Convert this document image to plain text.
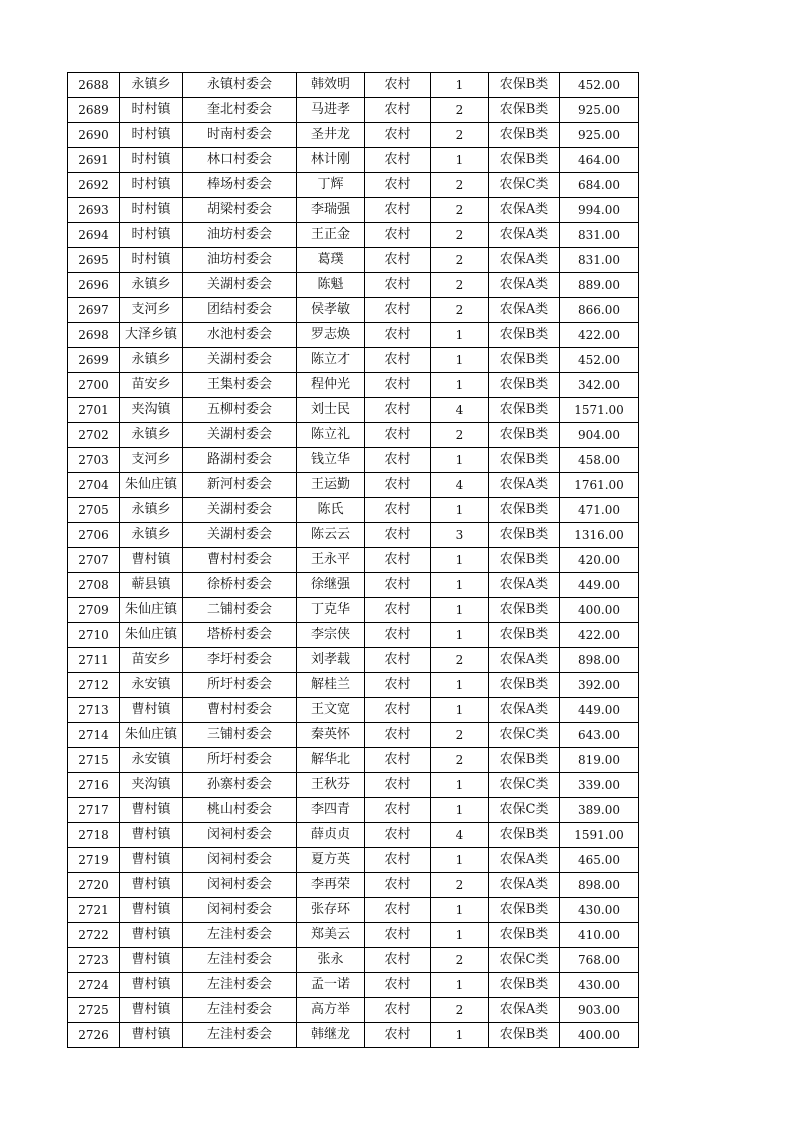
2688	永镇乡	永镇村委会	韩效明	农村	1	农保B类	452.00
2689	时村镇	奎北村委会	马进孝	农村	2	农保B类	925.00
2690	时村镇	时南村委会	圣井龙	农村	2	农保B类	925.00
2691	时村镇	林口村委会	林计刚	农村	1	农保B类	464.00
2692	时村镇	棒场村委会	丁辉	农村	2	农保C类	684.00
2693	时村镇	胡梁村委会	李瑞强	农村	2	农保A类	994.00
2694	时村镇	油坊村委会	王正金	农村	2	农保A类	831.00
2695	时村镇	油坊村委会	葛璞	农村	2	农保A类	831.00
2696	永镇乡	关湖村委会	陈魁	农村	2	农保A类	889.00
2697	支河乡	团结村委会	侯孝敏	农村	2	农保A类	866.00
2698	大泽乡镇	水池村委会	罗志焕	农村	1	农保B类	422.00
2699	永镇乡	关湖村委会	陈立才	农村	1	农保B类	452.00
2700	苗安乡	王集村委会	程仲光	农村	1	农保B类	342.00
2701	夹沟镇	五柳村委会	刘士民	农村	4	农保B类	1571.00
2702	永镇乡	关湖村委会	陈立礼	农村	2	农保B类	904.00
2703	支河乡	路湖村委会	钱立华	农村	1	农保B类	458.00
2704	朱仙庄镇	新河村委会	王运勤	农村	4	农保A类	1761.00
2705	永镇乡	关湖村委会	陈氏	农村	1	农保B类	471.00
2706	永镇乡	关湖村委会	陈云云	农村	3	农保B类	1316.00
2707	曹村镇	曹村村委会	王永平	农村	1	农保B类	420.00
2708	蕲县镇	徐桥村委会	徐继强	农村	1	农保A类	449.00
2709	朱仙庄镇	二铺村委会	丁克华	农村	1	农保B类	400.00
2710	朱仙庄镇	塔桥村委会	李宗侠	农村	1	农保B类	422.00
2711	苗安乡	李圩村委会	刘孝载	农村	2	农保A类	898.00
2712	永安镇	所圩村委会	解桂兰	农村	1	农保B类	392.00
2713	曹村镇	曹村村委会	王文宽	农村	1	农保A类	449.00
2714	朱仙庄镇	三铺村委会	秦英怀	农村	2	农保C类	643.00
2715	永安镇	所圩村委会	解华北	农村	2	农保B类	819.00
2716	夹沟镇	孙寨村委会	王秋芬	农村	1	农保C类	339.00
2717	曹村镇	桃山村委会	李四青	农村	1	农保C类	389.00
2718	曹村镇	闵祠村委会	薛贞贞	农村	4	农保B类	1591.00
2719	曹村镇	闵祠村委会	夏方英	农村	1	农保A类	465.00
2720	曹村镇	闵祠村委会	李再荣	农村	2	农保A类	898.00
2721	曹村镇	闵祠村委会	张存环	农村	1	农保B类	430.00
2722	曹村镇	左洼村委会	郑美云	农村	1	农保B类	410.00
2723	曹村镇	左洼村委会	张永	农村	2	农保C类	768.00
2724	曹村镇	左洼村委会	孟一诺	农村	1	农保B类	430.00
2725	曹村镇	左洼村委会	高方举	农村	2	农保A类	903.00
2726	曹村镇	左洼村委会	韩继龙	农村	1	农保B类	400.00
